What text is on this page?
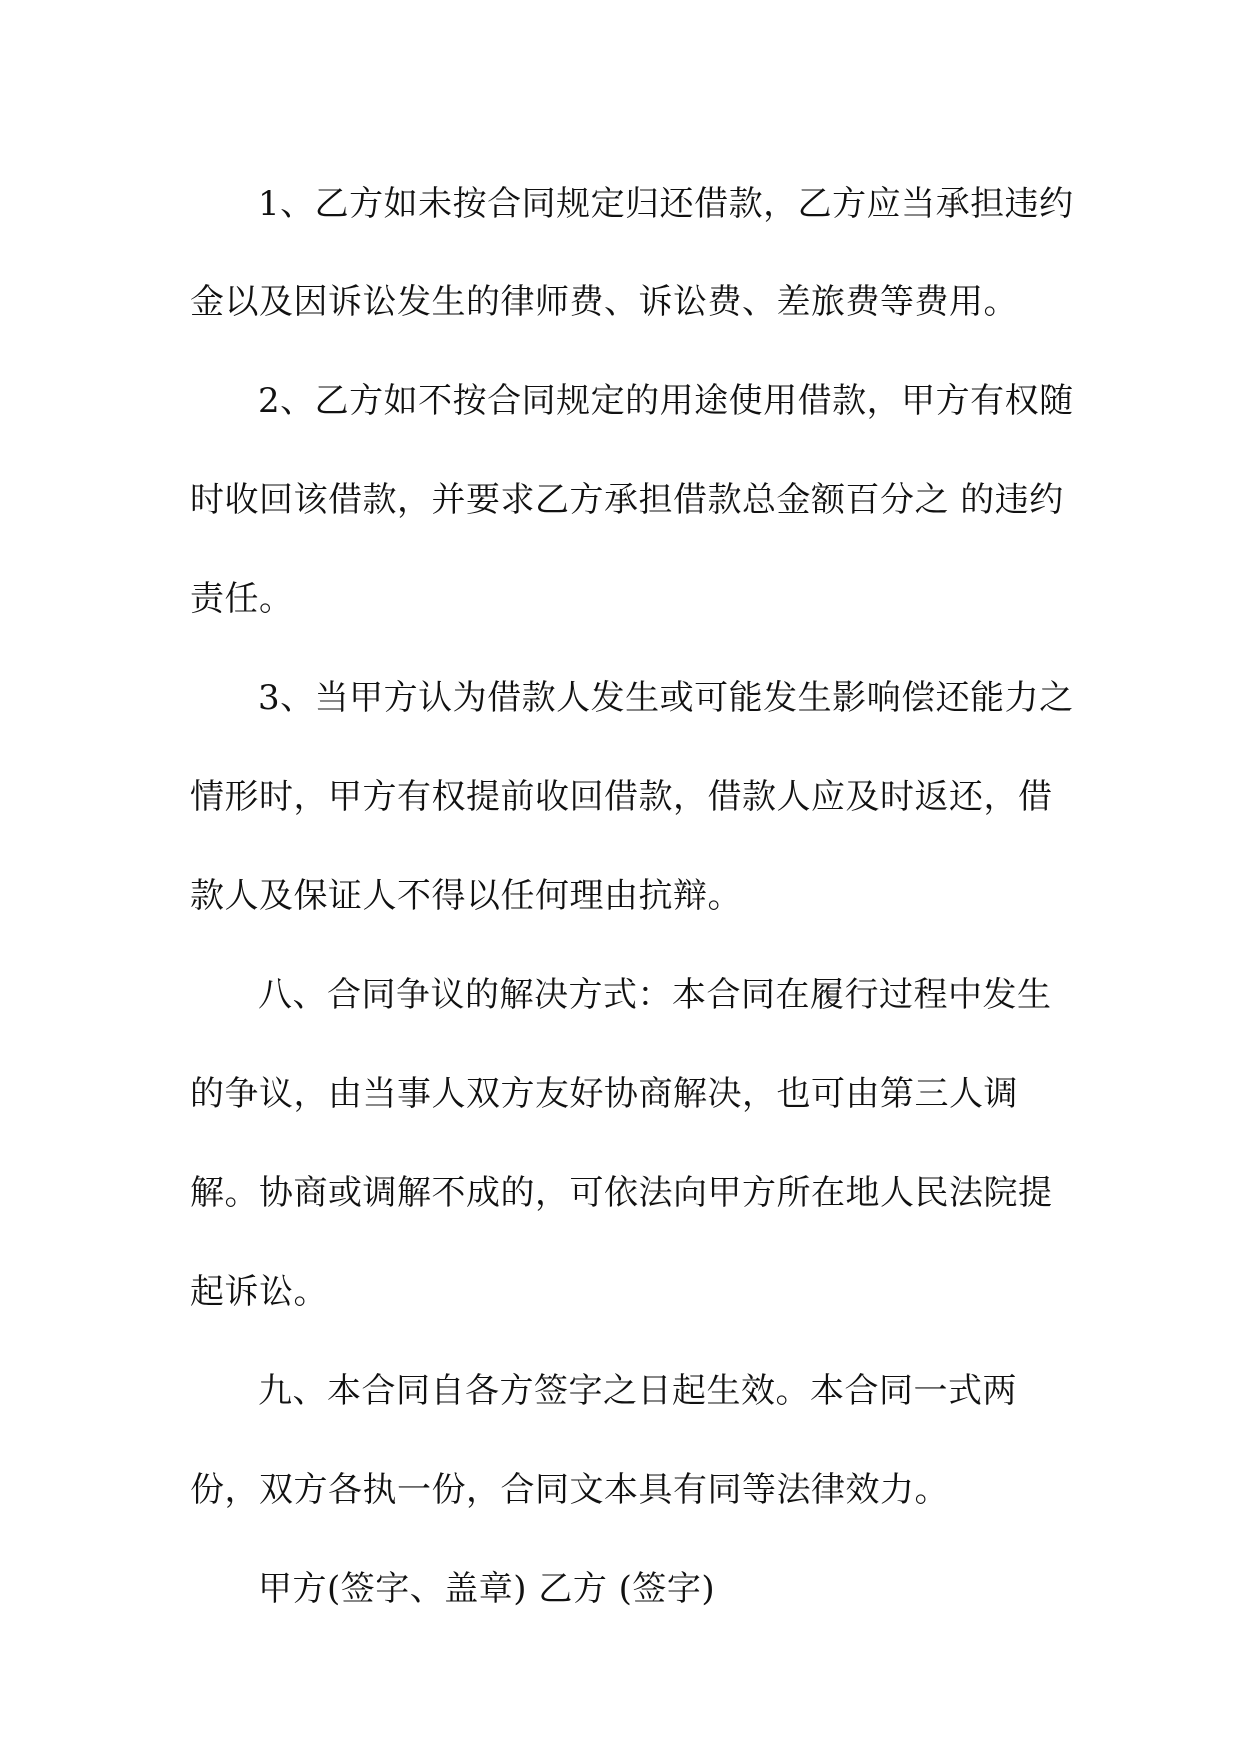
1、乙方如未按合同规定归还借款，乙方应当承担违约
金以及因诉讼发生的律师费、诉讼费、差旅费等费用。
2、乙方如不按合同规定的用途使用借款，甲方有权随
时收回该借款，并要求乙方承担借款总金额百分之 的违约
责任。
3、当甲方认为借款人发生或可能发生影响偿还能力之
情形时，甲方有权提前收回借款，借款人应及时返还，借
款人及保证人不得以任何理由抗辩。
八、合同争议的解决方式：本合同在履行过程中发生
的争议，由当事人双方友好协商解决，也可由第三人调
解。协商或调解不成的，可依法向甲方所在地人民法院提
起诉讼。
九、本合同自各方签字之日起生效。本合同一式两
份，双方各执一份，合同文本具有同等法律效力。
甲方(签字、盖章) 乙方 (签字)
